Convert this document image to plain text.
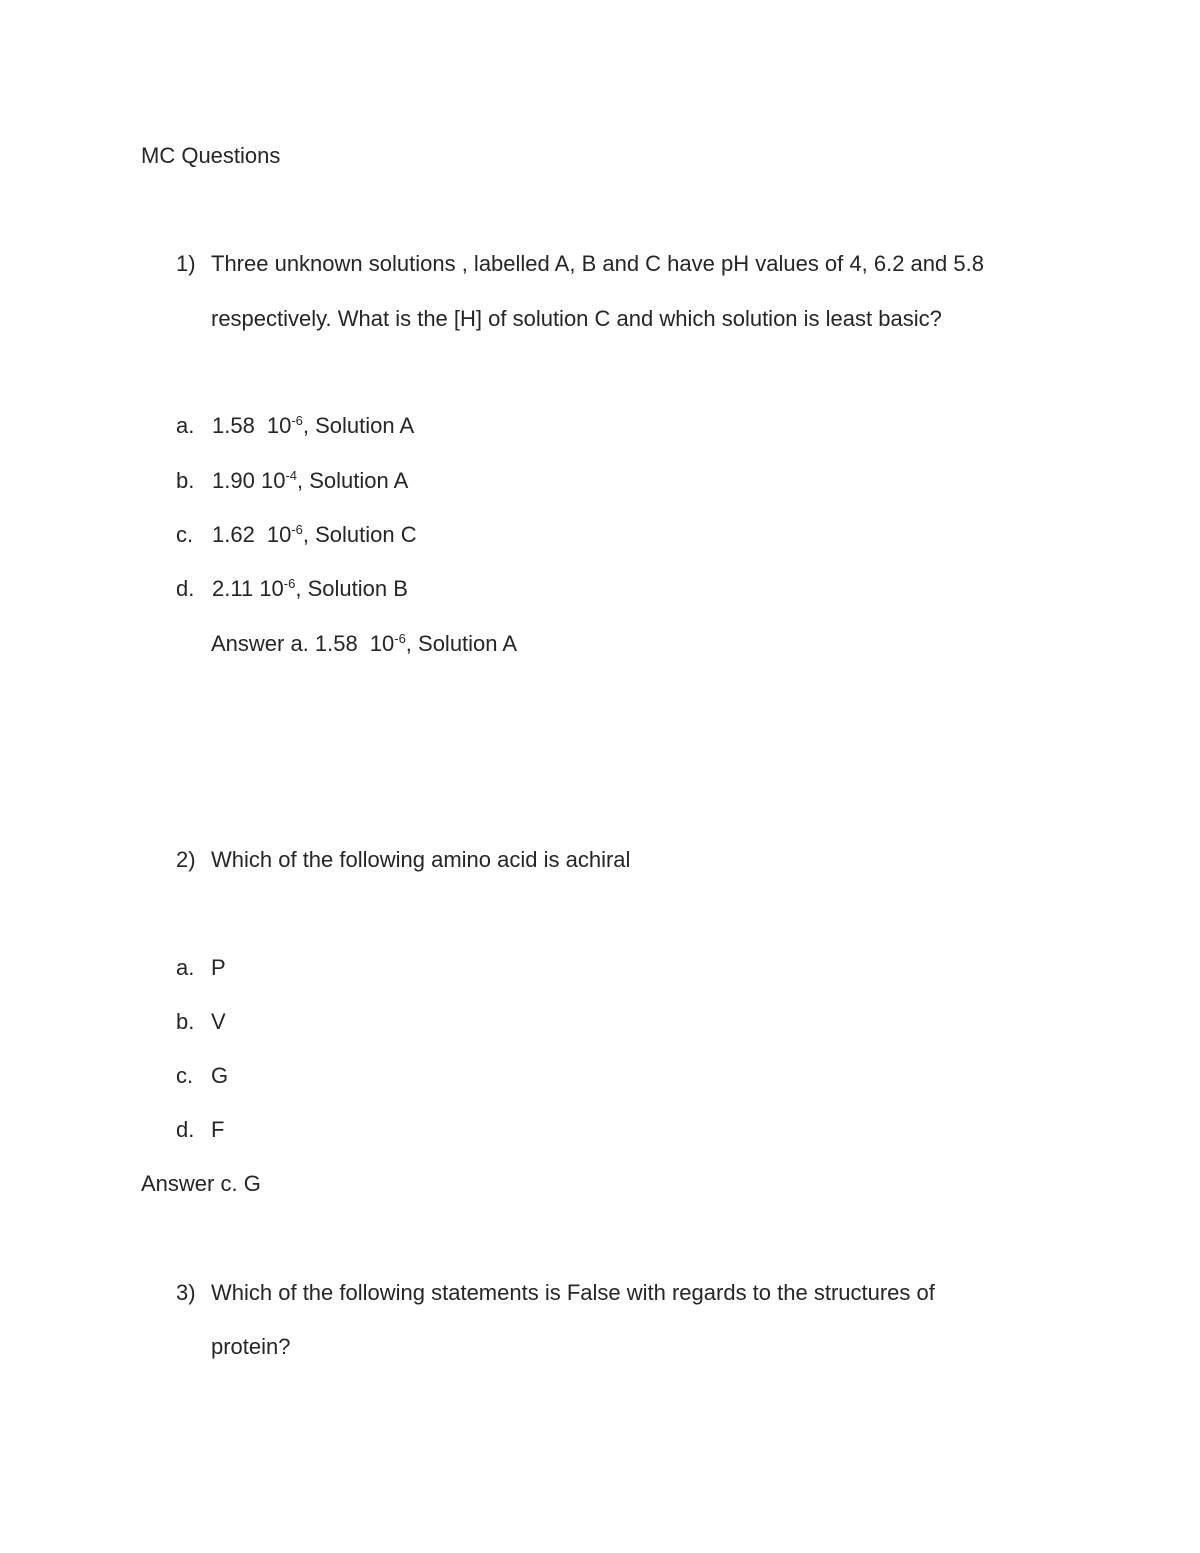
MC Questions
1) Three unknown solutions , labelled A, B and C have pH values of 4, 6.2 and 5.8
respectively. What is the [H] of solution C and which solution is least basic?
a. 1.58 $10^{-6}$, Solution A
b. 1.90 $10^{-4}$, Solution A
c. 1.62 $10^{-6}$, Solution C
d. 2.11 $10^{-6}$, Solution B
Answer a. 1.58 $10^{-6}$, Solution A
2) Which of the following amino acid is achiral
a. P
b. V
c. G
d. F
Answer c. G
3) Which of the following statements is False with regards to the structures of
protein?
